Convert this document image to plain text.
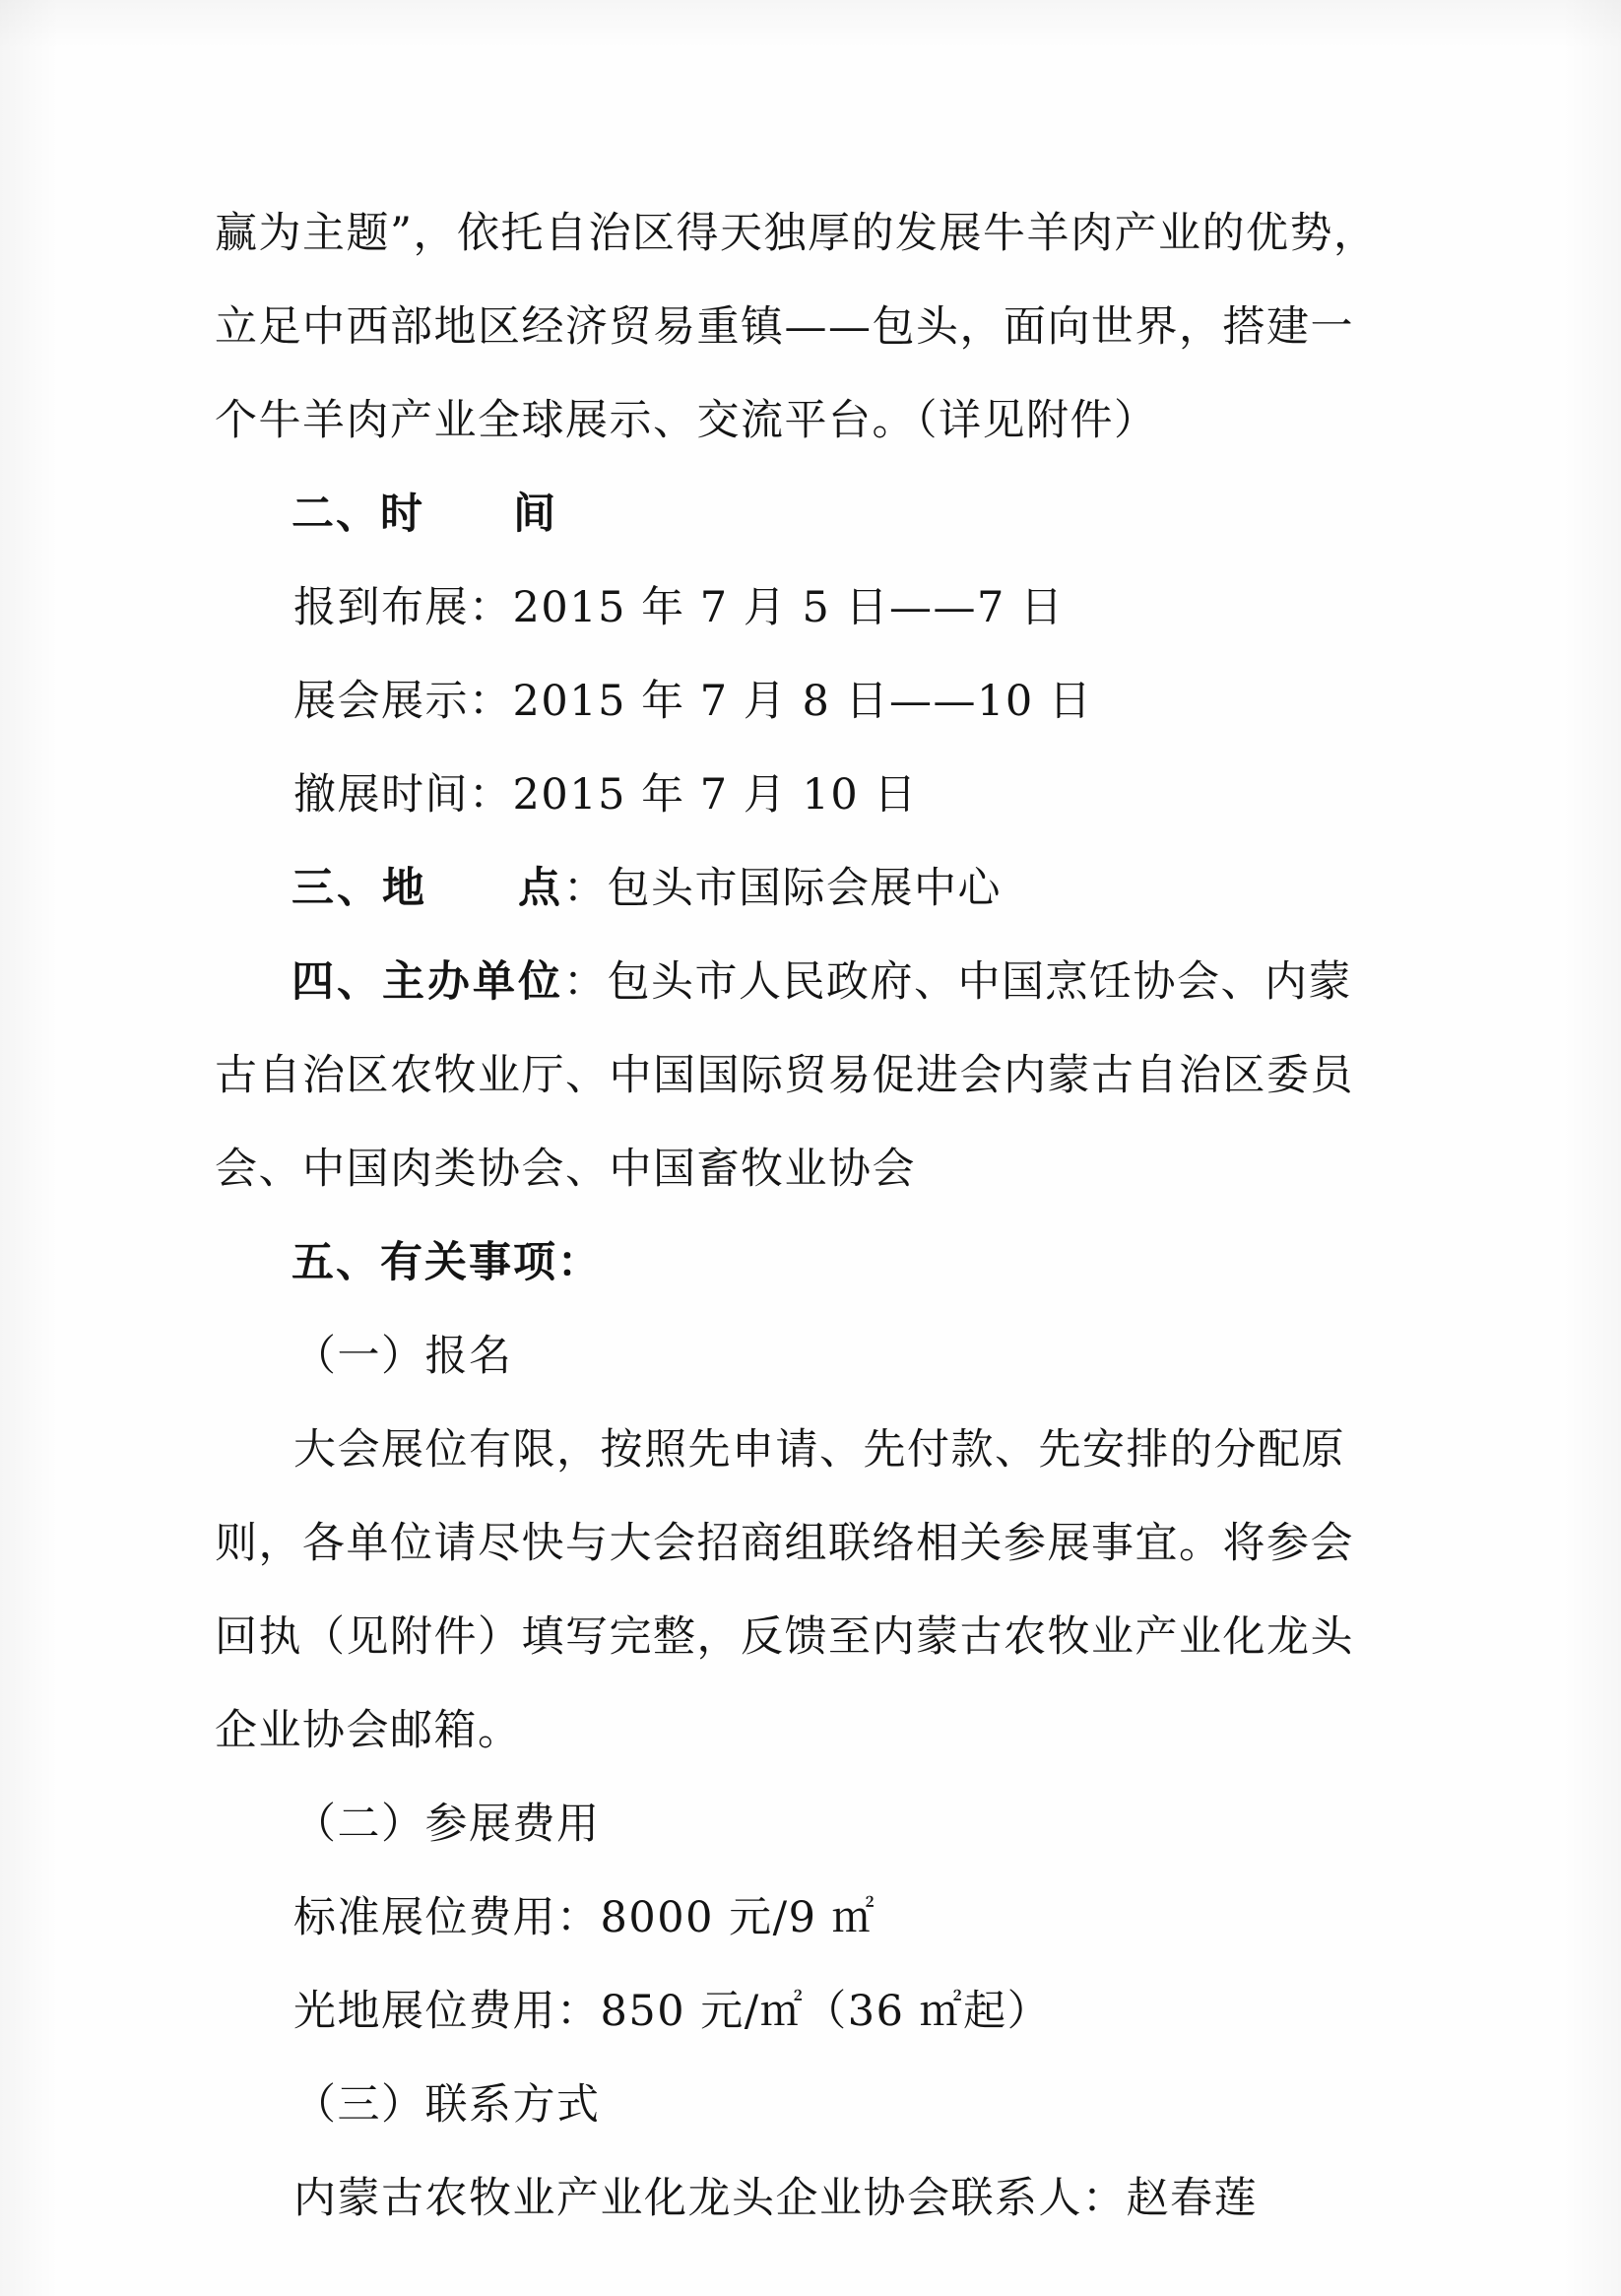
赢为主题”，依托自治区得天独厚的发展牛羊肉产业的优势，
立足中西部地区经济贸易重镇——包头，面向世界，搭建一
个牛羊肉产业全球展示、交流平台。（详见附件）
二、时　　间
报到布展：2015 年 7 月 5 日——7 日
展会展示：2015 年 7 月 8 日——10 日
撤展时间：2015 年 7 月 10 日
三、地　　点：包头市国际会展中心
四、主办单位：包头市人民政府、中国烹饪协会、内蒙
古自治区农牧业厅、中国国际贸易促进会内蒙古自治区委员
会、中国肉类协会、中国畜牧业协会
五、有关事项：
（一）报名
大会展位有限，按照先申请、先付款、先安排的分配原
则，各单位请尽快与大会招商组联络相关参展事宜。将参会
回执（见附件）填写完整，反馈至内蒙古农牧业产业化龙头
企业协会邮箱。
（二）参展费用
标准展位费用：8000 元/9 ㎡
光地展位费用：850 元/㎡（36 ㎡起）
（三）联系方式
内蒙古农牧业产业化龙头企业协会联系人：赵春莲
